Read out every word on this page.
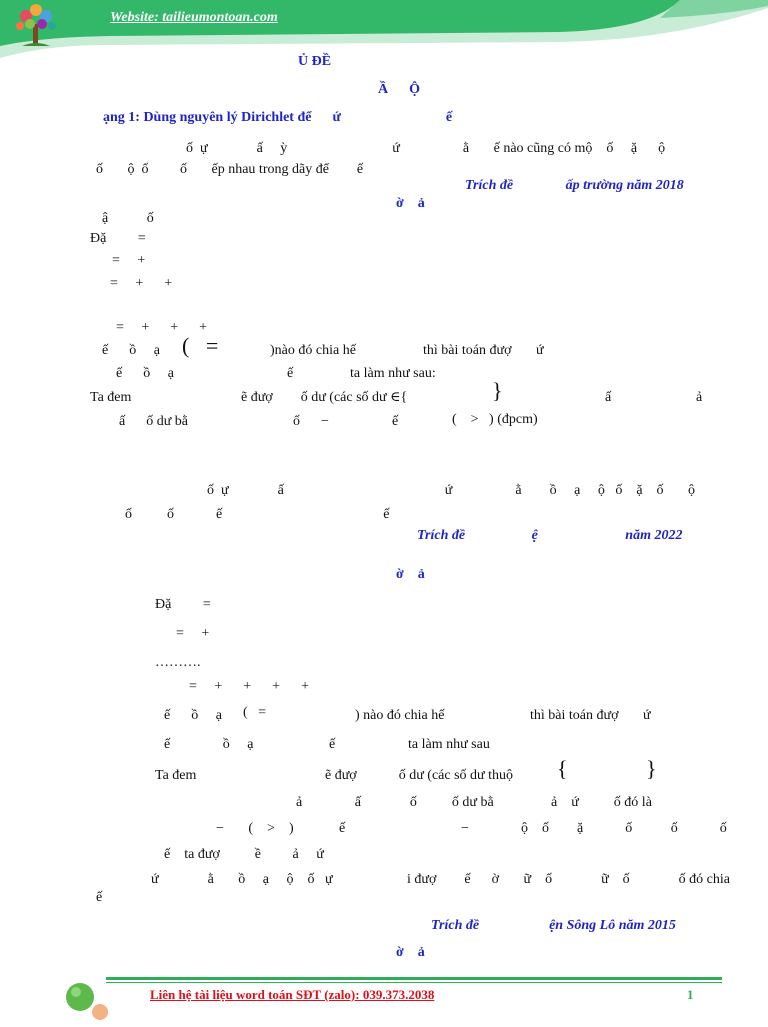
Website: tailieumontoan.com
Ủ ĐỀ
Ầ      Ộ
ạng 1: Dùng nguyên lý Dirichlet để      ứ                              ế
ố  ự              ấ     ỳ                              ứ                  ằ       ế nào cũng có mộ    ố     ặ      ộ
ố       ộ  ố         ố       ếp nhau trong dãy để        ế
Trích đề               ấp trường năm 2018
ờ    ả
ậ           ố
Đặ         =
=     +
=     +      +
=     +      +      +
ế      ồ     ạ (   =	)nào đó chia hế	thì bài toán đượ       ứ
ế      ồ     ạ	ế	ta làm như sau:
Ta đem	ẽ đượ        ố dư (các số dư ∈{	}	ấ	ả
ấ      ố dư bằ	ố      −	ế	(    >   ) (đpcm)
ố  ự              ấ                                              ứ                  ằ        ồ     ạ     ộ   ố    ặ    ố       ộ
ố          ố            ế                                              ế
Trích đề                   ệ                         năm 2022
ờ    ả
Đặ         =
=     +
……….
=     +      +      +      +
ế      ồ     ạ (   =	) nào đó chia hế	thì bài toán đượ       ứ
ế               ồ     ạ	ế	ta làm như sau
Ta đem	ẽ đượ            ố dư (các số dư thuộ {	}
ả               ấ              ố          ố dư bằ	ả    ứ          ố đó là
−       (    >    )	ế	−	ộ    ố        ặ            ố           ố            ố
ế    ta đượ          ề         ả     ứ
ứ              ằ       ồ     ạ     ộ    ố   ự	i đượ        ế      ờ       ữ    ố              ữ    ố              ố đó chia
ế
Trích đề                    ện Sông Lô năm 2015
ờ    ả
Liên hệ tài liệu word toán SĐT (zalo): 039.373.2038	1
